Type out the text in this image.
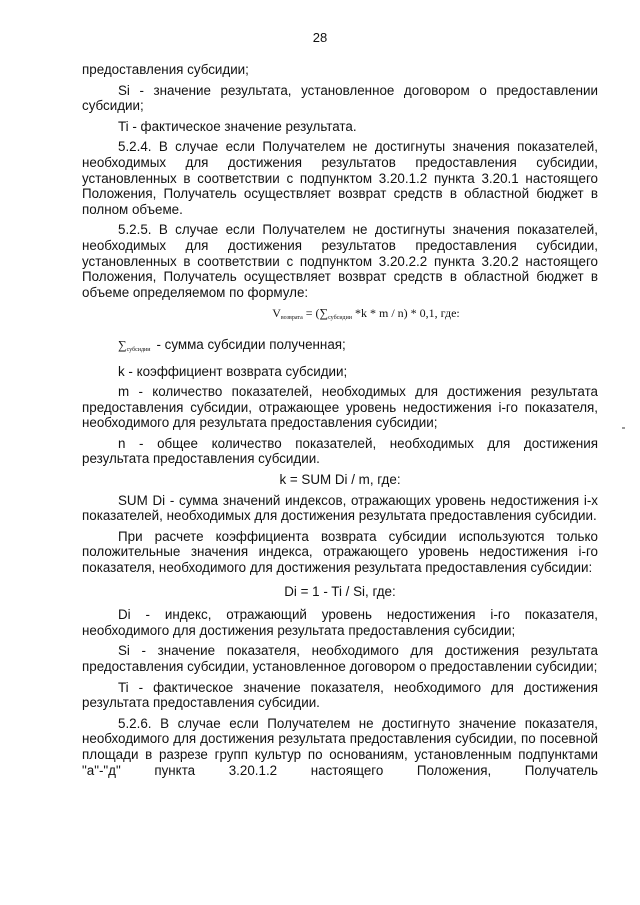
28

предоставления субсидии;

Si - значение результата, установленное договором о предоставлении субсидии;

Ti - фактическое значение результата.

5.2.4. В случае если Получателем не достигнуты значения показателей, необходимых для достижения результатов предоставления субсидии, установленных в соответствии с подпунктом 3.20.1.2 пункта 3.20.1 настоящего Положения, Получатель осуществляет возврат средств в областной бюджет в полном объеме.

5.2.5. В случае если Получателем не достигнуты значения показателей, необходимых для достижения результатов предоставления субсидии, установленных в соответствии с подпунктом 3.20.2.2 пункта 3.20.2 настоящего Положения, Получатель осуществляет возврат средств в областной бюджет в объеме определяемом по формуле:

$V_{возврата} = (\sum_{субсидии}$ *k * m / n) * 0,1, где:

$\sum_{субсидии}$ - сумма субсидии полученная;

k - коэффициент возврата субсидии;

m - количество показателей, необходимых для достижения результата предоставления субсидии, отражающее уровень недостижения i-го показателя, необходимого для результата предоставления субсидии;

n - общее количество показателей, необходимых для достижения результата предоставления субсидии.

k = SUM Di / m, где:

SUM Di - сумма значений индексов, отражающих уровень недостижения i-х показателей, необходимых для достижения результата предоставления субсидии.

При расчете коэффициента возврата субсидии используются только положительные значения индекса, отражающего уровень недостижения i-го показателя, необходимого для достижения результата предоставления субсидии:

Di = 1 - Ti / Si, где:

Di - индекс, отражающий уровень недостижения i-го показателя, необходимого для достижения результата предоставления субсидии;

Si - значение показателя, необходимого для достижения результата предоставления субсидии, установленное договором о предоставлении субсидии;

Ti - фактическое значение показателя, необходимого для достижения результата предоставления субсидии.

5.2.6. В случае если Получателем не достигнуто значение показателя, необходимого для достижения результата предоставления субсидии, по посевной площади в разрезе групп культур по основаниям, установленным подпунктами "а"-"д" пункта 3.20.1.2 настоящего Положения, Получатель
